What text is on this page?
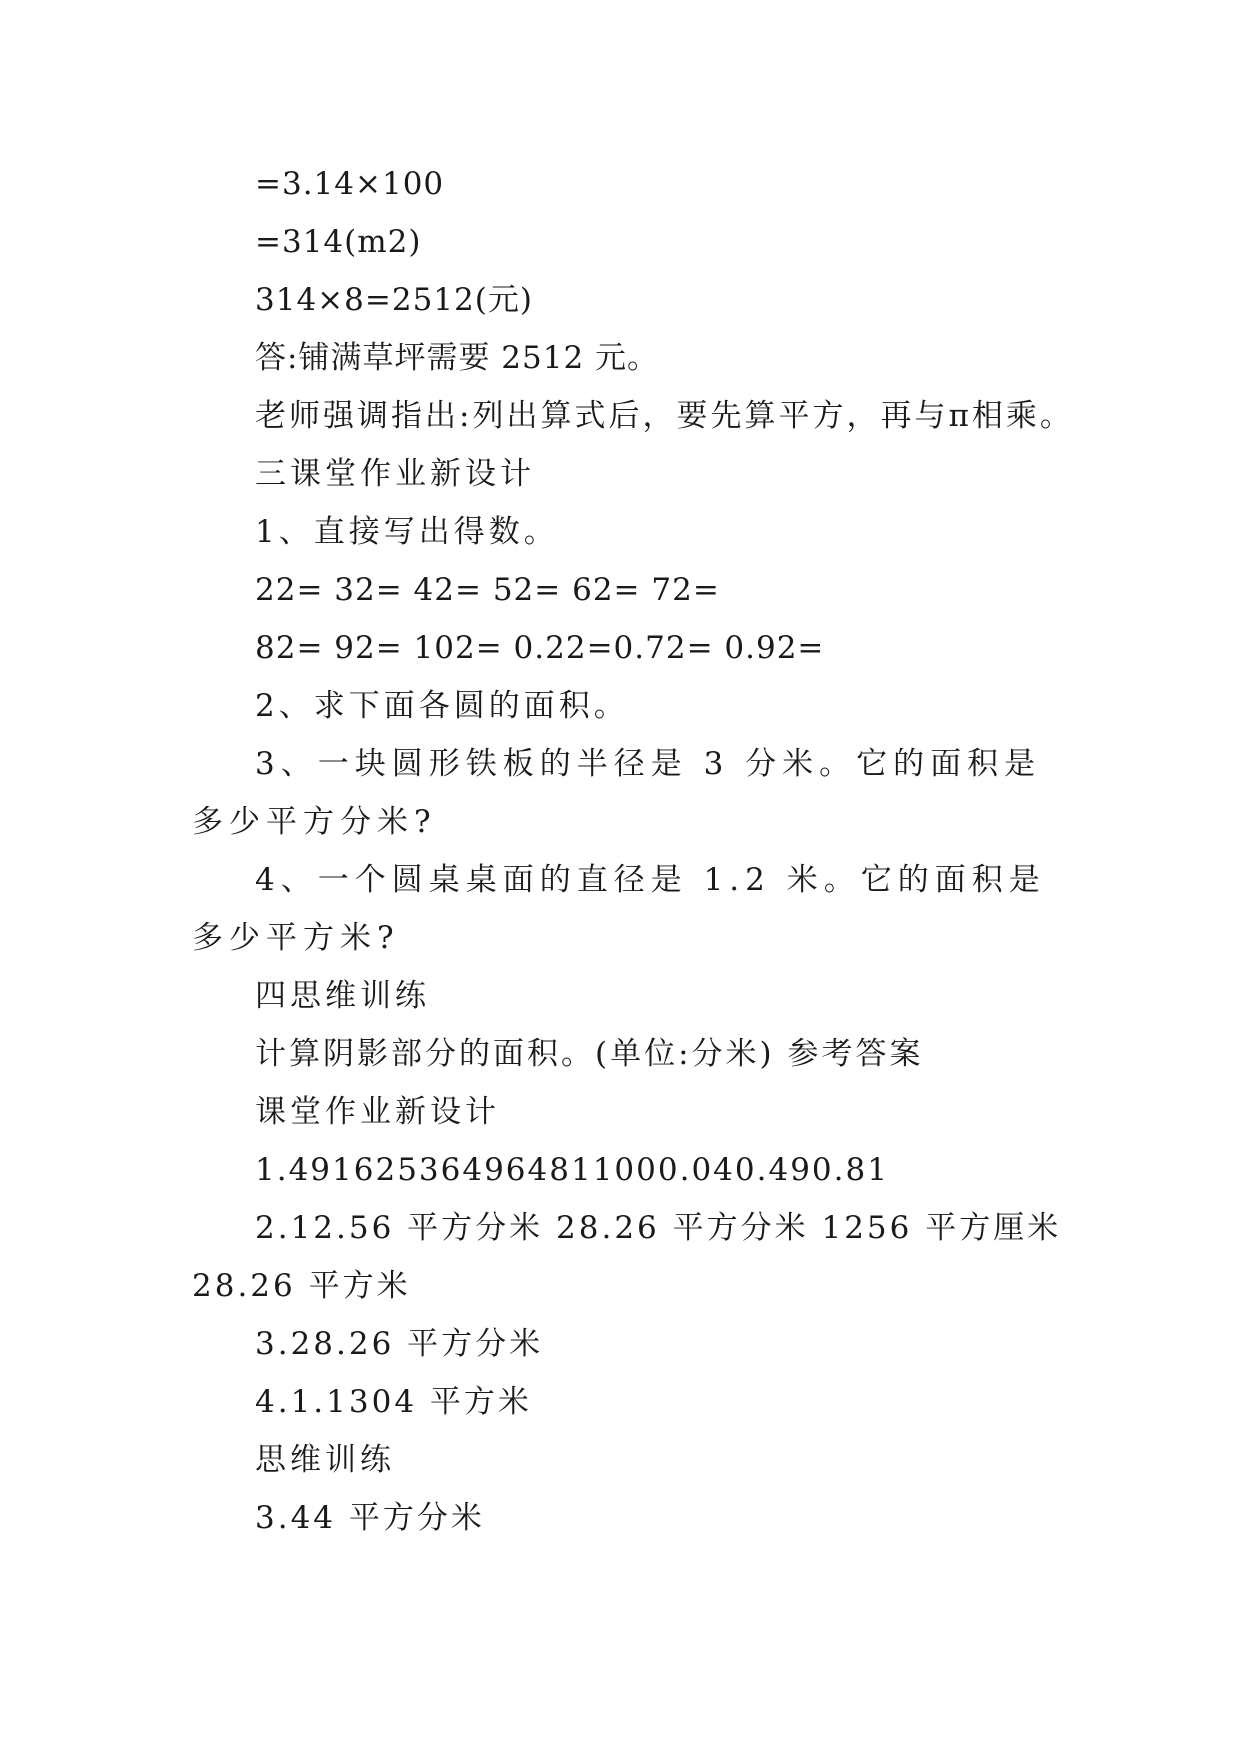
=3.14×100
=314(m2)
314×8=2512(元)
答:铺满草坪需要 2512 元。
老师强调指出:列出算式后，要先算平方，再与π相乘。
三课堂作业新设计
1、直接写出得数。
22= 32= 42= 52= 62= 72=
82= 92= 102= 0.22=0.72= 0.92=
2、求下面各圆的面积。
3、一块圆形铁板的半径是 3 分米。它的面积是多少平方分米?
4、一个圆桌桌面的直径是 1.2 米。它的面积是多少平方米?
四思维训练
计算阴影部分的面积。(单位:分米) 参考答案
课堂作业新设计
1.491625364964811000.040.490.81
2.12.56 平方分米 28.26 平方分米 1256 平方厘米 28.26 平方米
3.28.26 平方分米
4.1.1304 平方米
思维训练
3.44 平方分米
